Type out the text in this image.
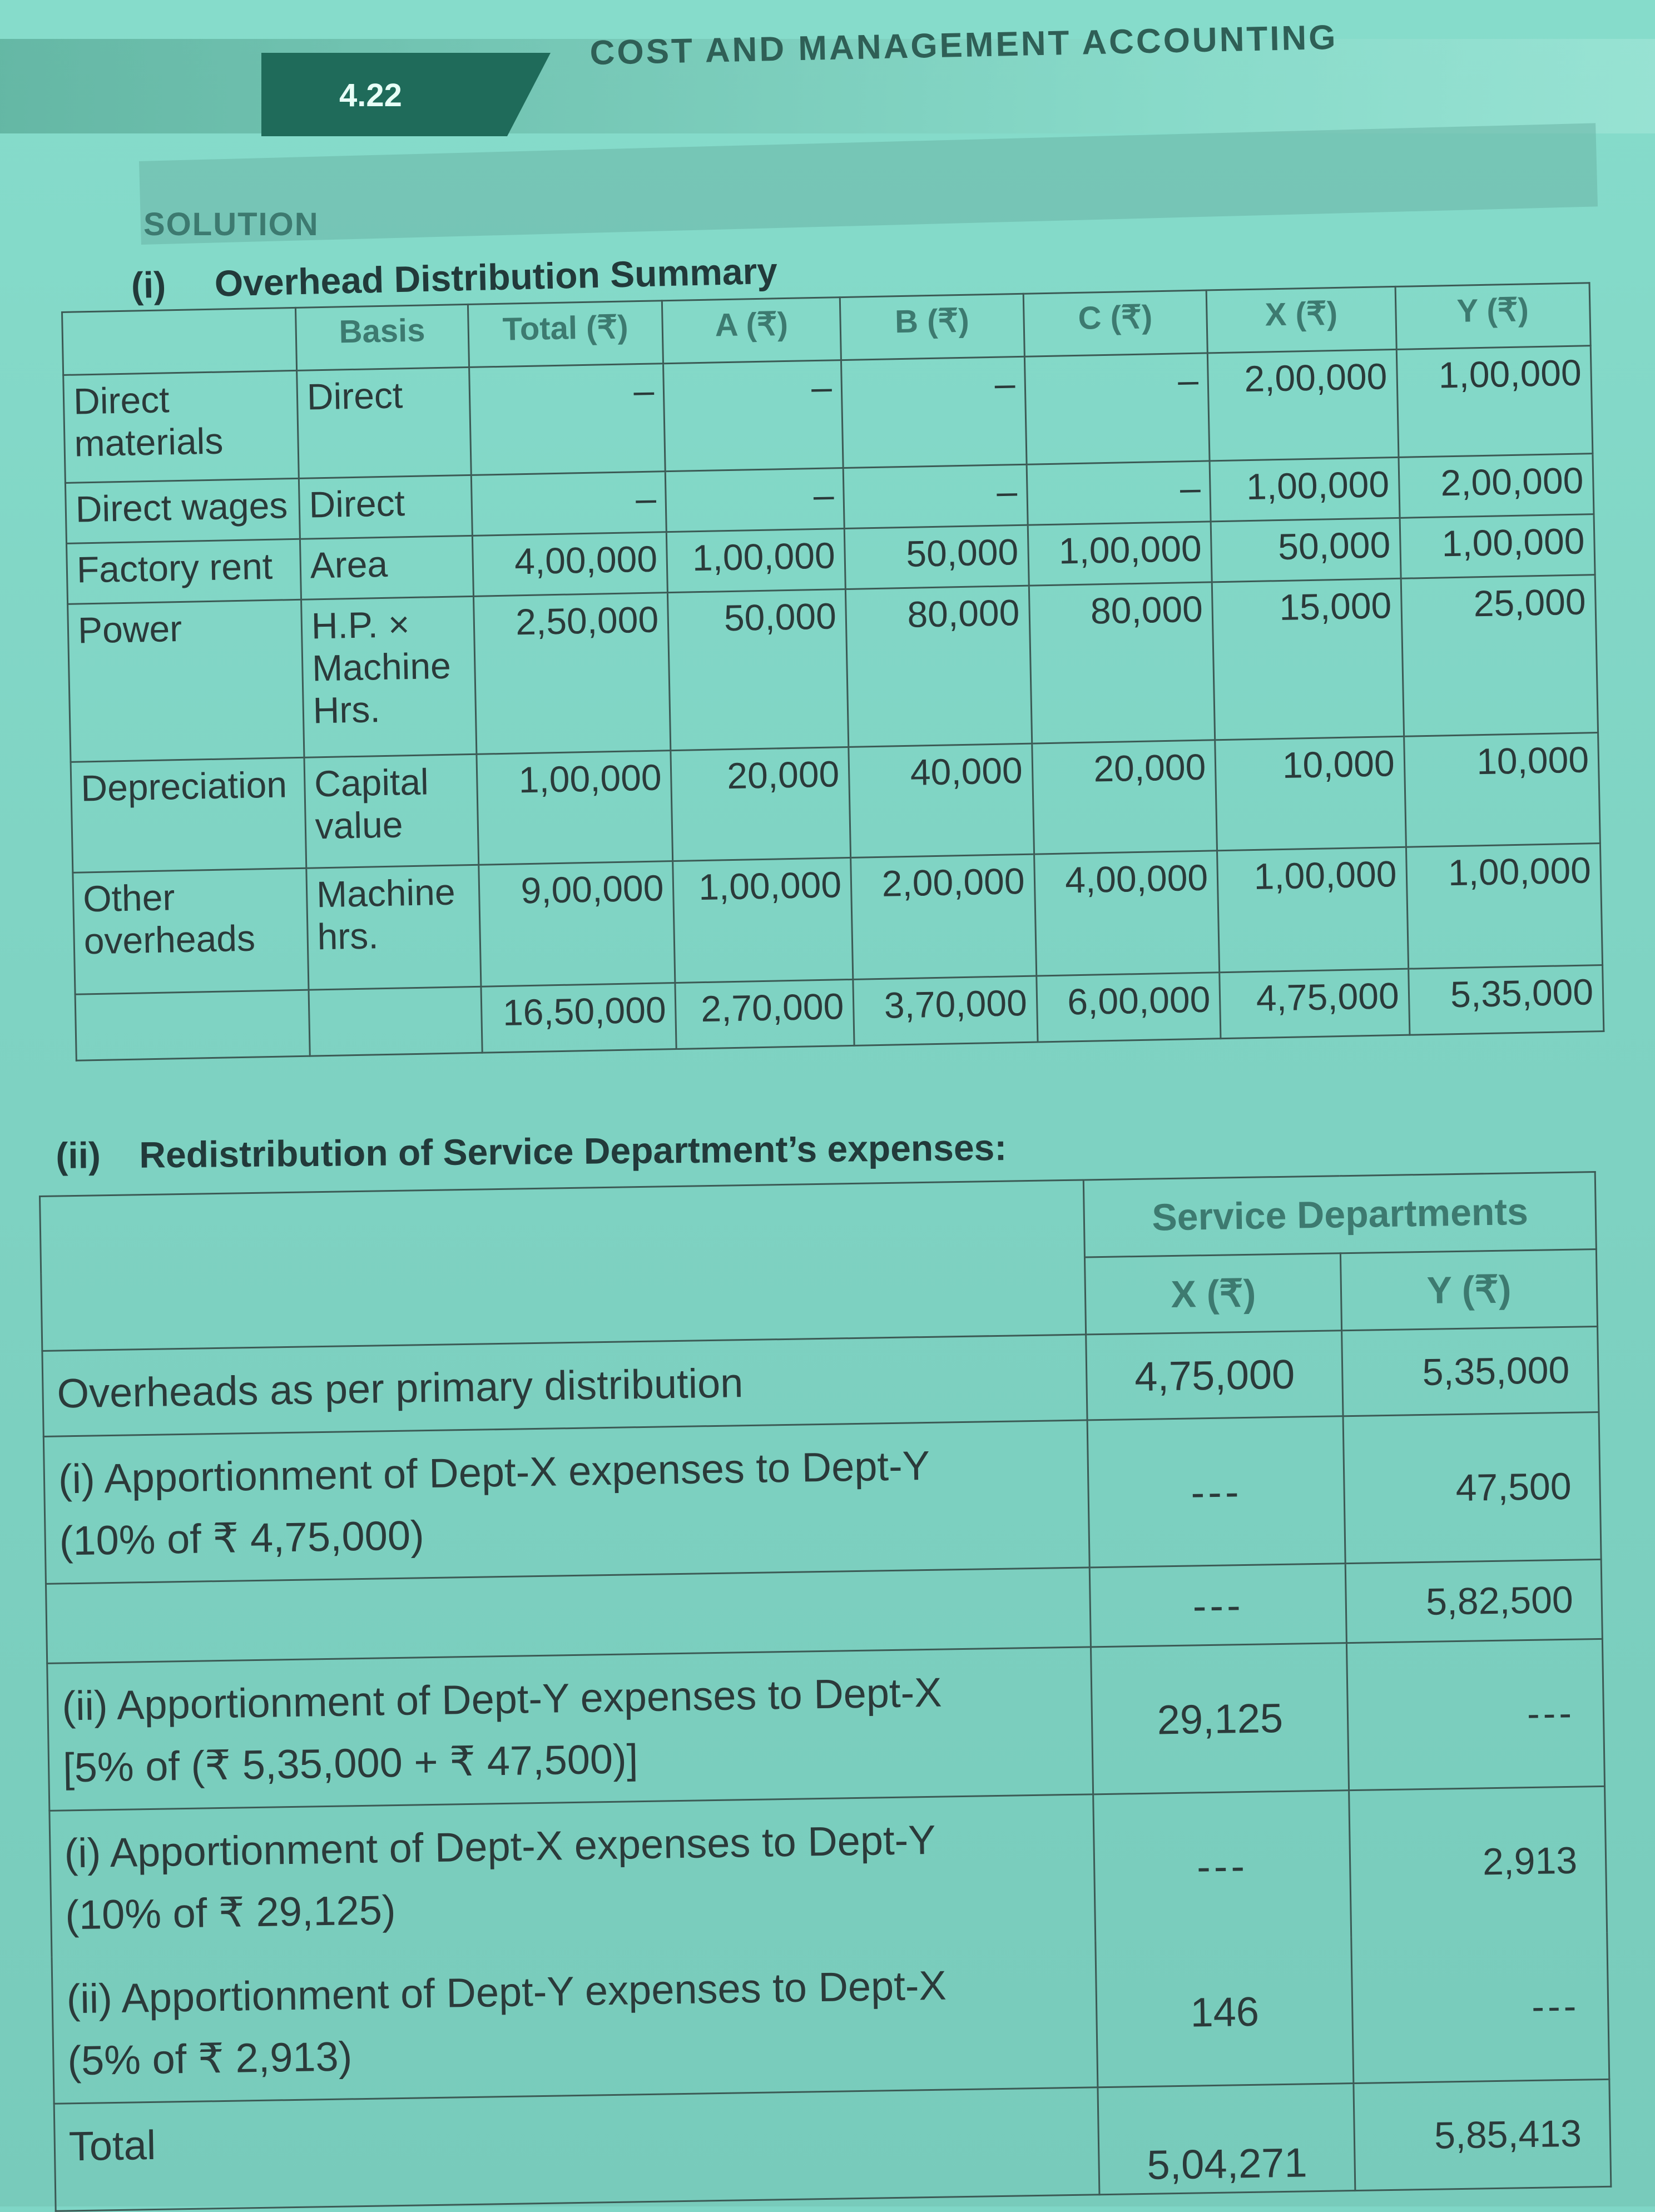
4.22
COST AND MANAGEMENT ACCOUNTING
SOLUTION
(i) Overhead Distribution Summary
	Basis	Total (₹)	A (₹)	B (₹)	C (₹)	X (₹)	Y (₹)
Direct materials	Direct	–	–	–	–	2,00,000	1,00,000
Direct wages	Direct	–	–	–	–	1,00,000	2,00,000
Factory rent	Area	4,00,000	1,00,000	50,000	1,00,000	50,000	1,00,000
Power	H.P. × Machine Hrs.	2,50,000	50,000	80,000	80,000	15,000	25,000
Depreciation	Capital value	1,00,000	20,000	40,000	20,000	10,000	10,000
Other overheads	Machine hrs.	9,00,000	1,00,000	2,00,000	4,00,000	1,00,000	1,00,000
		16,50,000	2,70,000	3,70,000	6,00,000	4,75,000	5,35,000
(ii) Redistribution of Service Department’s expenses:
	Service Departments	
	X (₹)	Y (₹)

Overheads as per primary distribution	4,75,000	5,35,000

(i) Apportionment of Dept-X expenses to Dept-Y
(10% of ₹ 4,75,000)	---	47,500

	---	5,82,500

(ii) Apportionment of Dept-Y expenses to Dept-X
[5% of (₹ 5,35,000 + ₹ 47,500)]	29,125	---

(i) Apportionment of Dept-X expenses to Dept-Y
(10% of ₹ 29,125)	---	2,913

(ii) Apportionment of Dept-Y expenses to Dept-X
(5% of ₹ 2,913)	146	---

Total	5,04,271	5,85,413
